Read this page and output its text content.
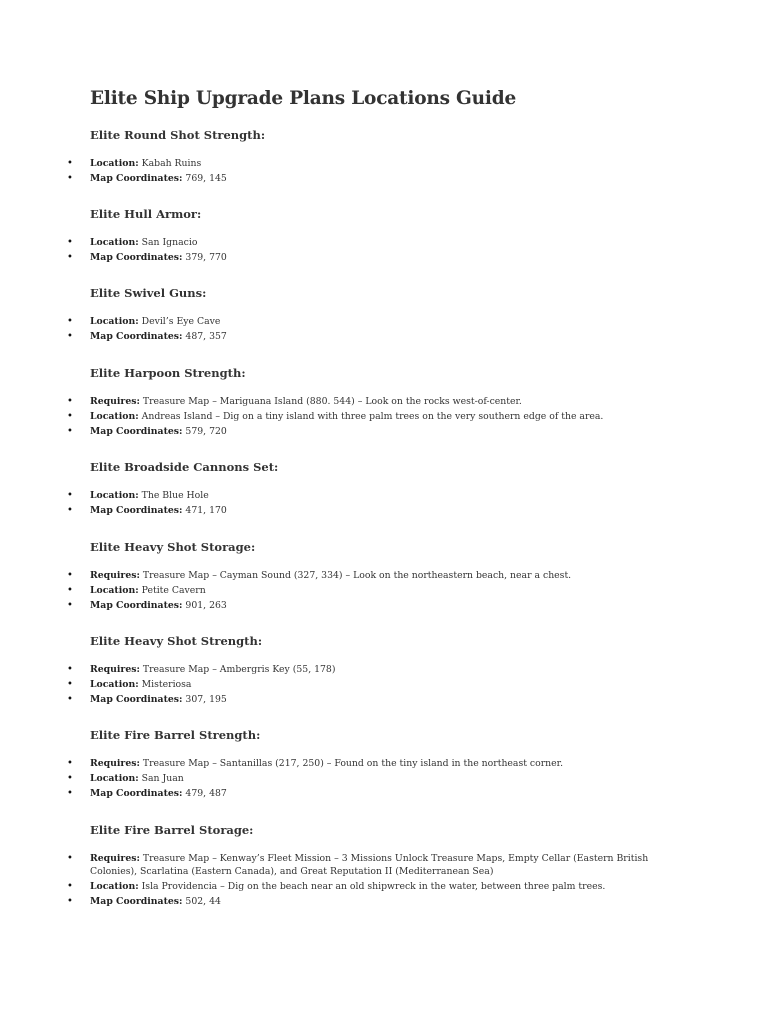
Elite Ship Upgrade Plans Locations Guide
Elite Round Shot Strength:
• Location: Kabah Ruins
• Map Coordinates: 769, 145
Elite Hull Armor:
• Location: San Ignacio
• Map Coordinates: 379, 770
Elite Swivel Guns:
• Location: Devil’s Eye Cave
• Map Coordinates: 487, 357
Elite Harpoon Strength:
• Requires: Treasure Map – Mariguana Island (880. 544) – Look on the rocks west-of-center.
• Location: Andreas Island – Dig on a tiny island with three palm trees on the very southern edge of the area.
• Map Coordinates: 579, 720
Elite Broadside Cannons Set:
• Location: The Blue Hole
• Map Coordinates: 471, 170
Elite Heavy Shot Storage:
• Requires: Treasure Map – Cayman Sound (327, 334) – Look on the northeastern beach, near a chest.
• Location: Petite Cavern
• Map Coordinates: 901, 263
Elite Heavy Shot Strength:
• Requires: Treasure Map – Ambergris Key (55, 178)
• Location: Misteriosa
• Map Coordinates: 307, 195
Elite Fire Barrel Strength:
• Requires: Treasure Map – Santanillas (217, 250) – Found on the tiny island in the northeast corner.
• Location: San Juan
• Map Coordinates: 479, 487
Elite Fire Barrel Storage:
• Requires: Treasure Map – Kenway’s Fleet Mission – 3 Missions Unlock Treasure Maps, Empty Cellar (Eastern British Colonies), Scarlatina (Eastern Canada), and Great Reputation II (Mediterranean Sea)
• Location: Isla Providencia – Dig on the beach near an old shipwreck in the water, between three palm trees.
• Map Coordinates: 502, 44
